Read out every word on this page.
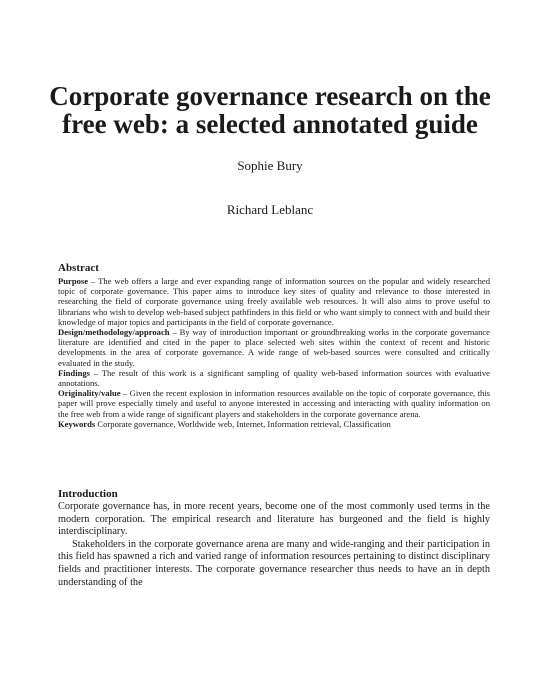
Corporate governance research on the free web: a selected annotated guide
Sophie Bury
Richard Leblanc
Abstract

Purpose – The web offers a large and ever expanding range of information sources on the popular and widely researched topic of corporate governance. This paper aims to introduce key sites of quality and relevance to those interested in researching the field of corporate governance using freely available web resources. It will also aims to prove useful to librarians who wish to develop web-based subject pathfinders in this field or who want simply to connect with and build their knowledge of major topics and participants in the field of corporate governance.

Design/methodology/approach – By way of introduction important or groundbreaking works in the corporate governance literature are identified and cited in the paper to place selected web sites within the context of recent and historic developments in the area of corporate governance. A wide range of web-based sources were consulted and critically evaluated in the study.

Findings – The result of this work is a significant sampling of quality web-based information sources with evaluative annotations.

Originality/value – Given the recent explosion in information resources available on the topic of corporate governance, this paper will prove especially timely and useful to anyone interested in accessing and interacting with quality information on the free web from a wide range of significant players and stakeholders in the corporate governance arena.

Keywords Corporate governance, Worldwide web, Internet, Information retrieval, Classification

Introduction

Corporate governance has, in more recent years, become one of the most commonly used terms in the modern corporation. The empirical research and literature has burgeoned and the field is highly interdisciplinary.

Stakeholders in the corporate governance arena are many and wide-ranging and their participation in this field has spawned a rich and varied range of information resources pertaining to distinct disciplinary fields and practitioner interests. The corporate governance researcher thus needs to have an in depth understanding of the
